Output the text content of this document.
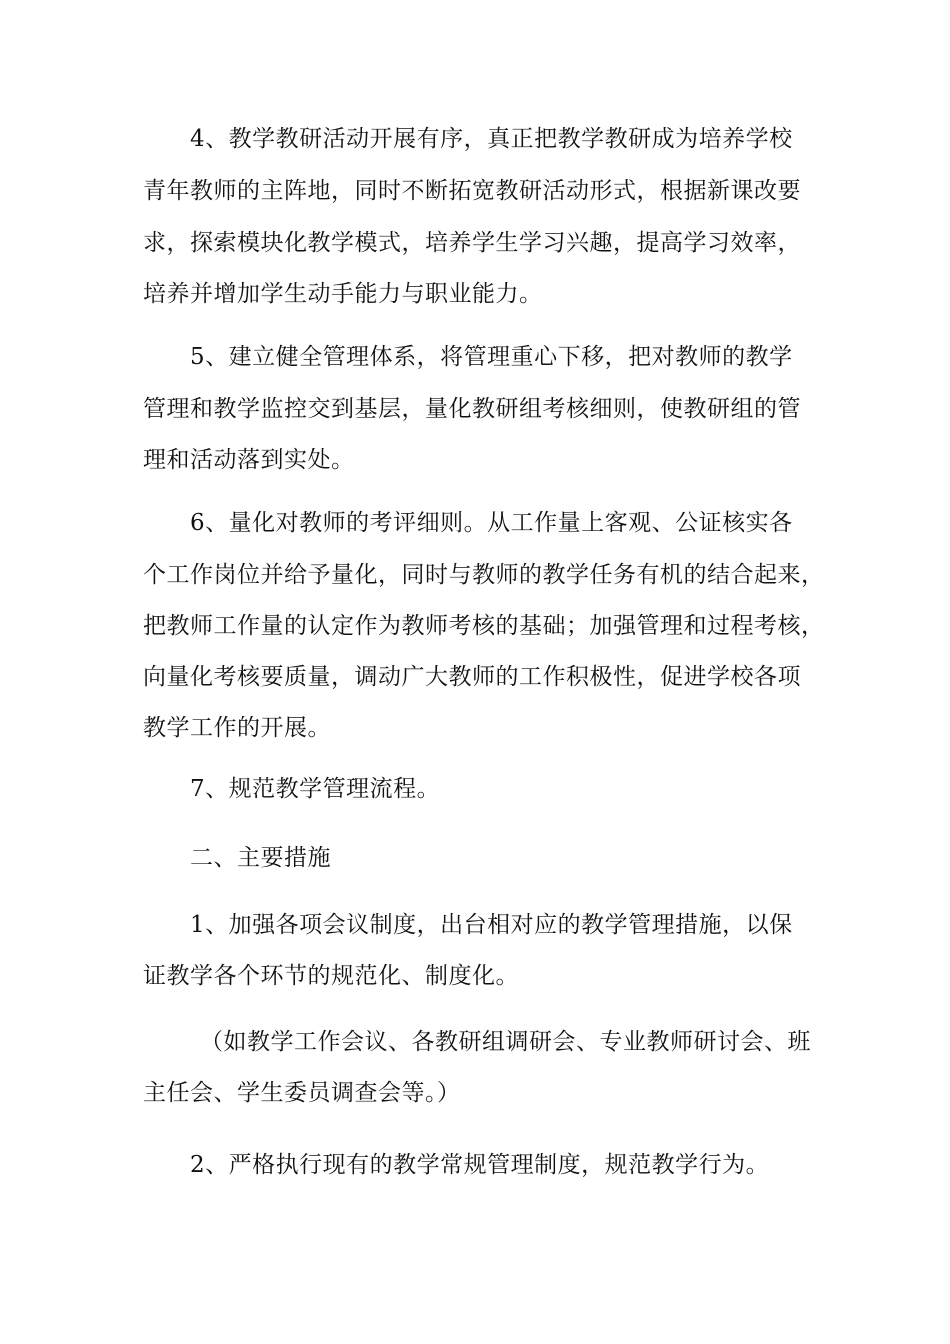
4、教学教研活动开展有序，真正把教学教研成为培养学校
青年教师的主阵地，同时不断拓宽教研活动形式，根据新课改要
求，探索模块化教学模式，培养学生学习兴趣，提高学习效率，
培养并增加学生动手能力与职业能力。
5、建立健全管理体系，将管理重心下移，把对教师的教学
管理和教学监控交到基层，量化教研组考核细则，使教研组的管
理和活动落到实处。
6、量化对教师的考评细则。从工作量上客观、公证核实各
个工作岗位并给予量化，同时与教师的教学任务有机的结合起来，
把教师工作量的认定作为教师考核的基础；加强管理和过程考核，
向量化考核要质量，调动广大教师的工作积极性，促进学校各项
教学工作的开展。
7、规范教学管理流程。
二、主要措施
1、加强各项会议制度，出台相对应的教学管理措施，以保
证教学各个环节的规范化、制度化。
（如教学工作会议、各教研组调研会、专业教师研讨会、班
主任会、学生委员调查会等。）
2、严格执行现有的教学常规管理制度，规范教学行为。
